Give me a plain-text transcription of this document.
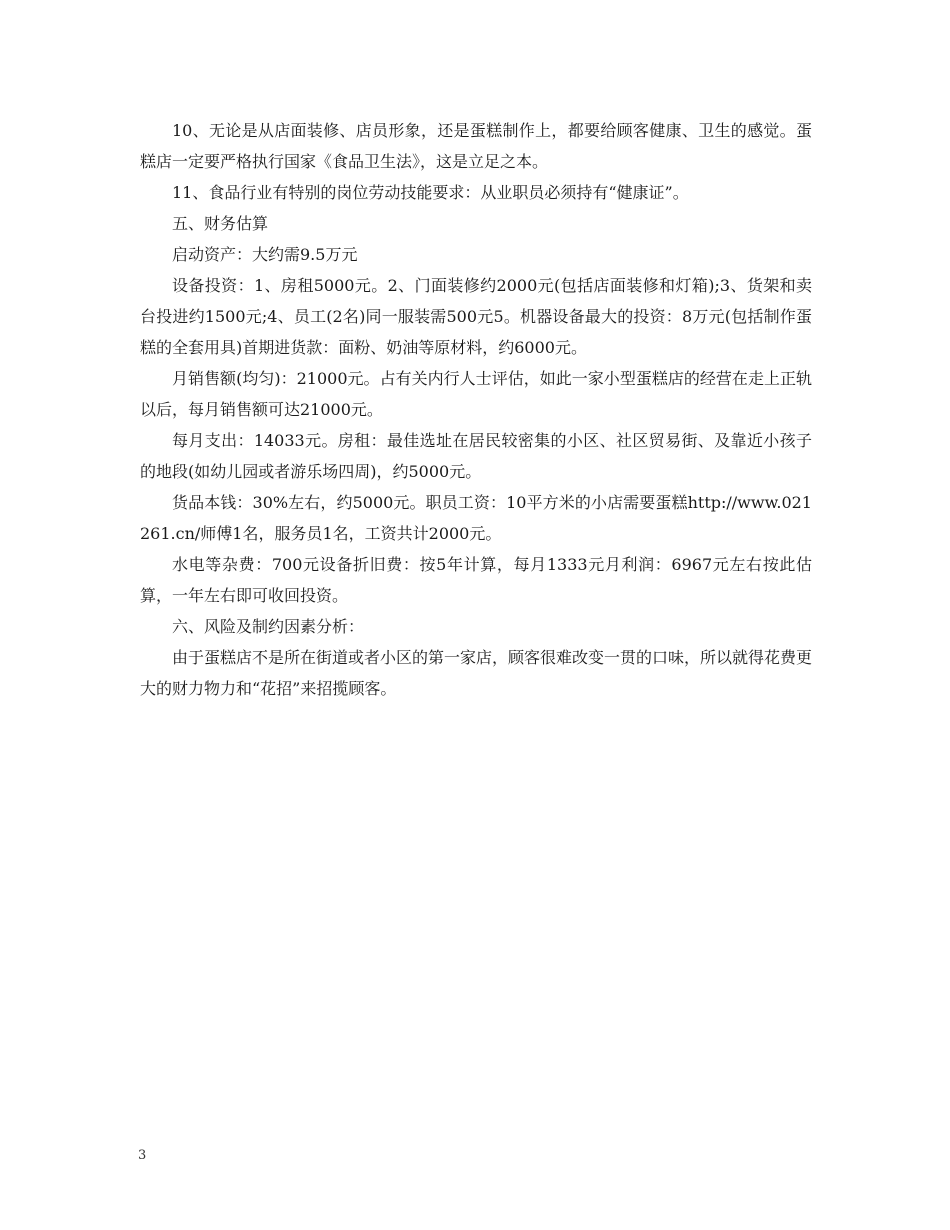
10、无论是从店面装修、店员形象，还是蛋糕制作上，都要给顾客健康、卫生的感觉。蛋糕店一定要严格执行国家《食品卫生法》，这是立足之本。

11、食品行业有特别的岗位劳动技能要求：从业职员必须持有“健康证”。

五、财务估算

启动资产：大约需9.5万元

设备投资：1、房租5000元。2、门面装修约2000元(包括店面装修和灯箱);3、货架和卖台投进约1500元;4、员工(2名)同一服装需500元5。机器设备最大的投资：8万元(包括制作蛋糕的全套用具)首期进货款：面粉、奶油等原材料，约6000元。

月销售额(均匀)：21000元。占有关内行人士评估，如此一家小型蛋糕店的经营在走上正轨以后，每月销售额可达21000元。

每月支出：14033元。房租：最佳选址在居民较密集的小区、社区贸易街、及靠近小孩子的地段(如幼儿园或者游乐场四周)，约5000元。

货品本钱：30%左右，约5000元。职员工资：10平方米的小店需要蛋糕http://www.021261.cn/师傅1名，服务员1名，工资共计2000元。

水电等杂费：700元设备折旧费：按5年计算，每月1333元月利润：6967元左右按此估算，一年左右即可收回投资。

六、风险及制约因素分析：

由于蛋糕店不是所在街道或者小区的第一家店，顾客很难改变一贯的口味，所以就得花费更大的财力物力和“花招”来招揽顾客。

3
